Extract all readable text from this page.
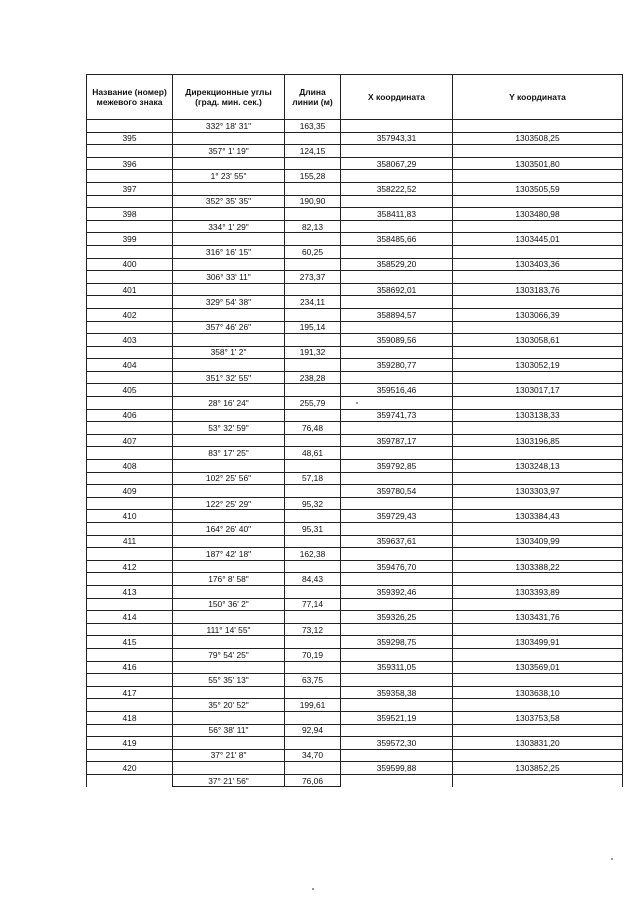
Название (номер) межевого знака	Дирекционные углы (град. мин. сек.)	Длина линии (м)	X координата	Y координата
	332° 18' 31"	163,35		
395			357943,31	1303508,25
	357° 1' 19"	124,15		
396			358067,29	1303501,80
	1° 23' 55"	155,28		
397			358222,52	1303505,59
	352° 35' 35"	190,90		
398			358411,83	1303480,98
	334° 1' 29"	82,13		
399			358485,66	1303445,01
	316° 16' 15"	60,25		
400			358529,20	1303403,36
	306° 33' 11"	273,37		
401			358692,01	1303183,76
	329° 54' 38"	234,11		
402			358894,57	1303066,39
	357° 46' 26"	195,14		
403			359089,56	1303058,61
	358° 1' 2"	191,32		
404			359280,77	1303052,19
	351° 32' 55"	238,28		
405			359516,46	1303017,17
	28° 16' 24"	255,79		
406			359741,73	1303138,33
	53° 32' 59"	76,48		
407			359787,17	1303196,85
	83° 17' 25"	48,61		
408			359792,85	1303248,13
	102° 25' 56"	57,18		
409			359780,54	1303303,97
	122° 25' 29"	95,32		
410			359729,43	1303384,43
	164° 26' 40"	95,31		
411			359637,61	1303409,99
	187° 42' 18"	162,38		
412			359476,70	1303388,22
	176° 8' 58"	84,43		
413			359392,46	1303393,89
	150° 36' 2"	77,14		
414			359326,25	1303431,76
	111° 14' 55"	73,12		
415			359298,75	1303499,91
	79° 54' 25"	70,19		
416			359311,05	1303569,01
	55° 35' 13"	63,75		
417			359358,38	1303638,10
	35° 20' 52"	199,61		
418			359521,19	1303753,58
	56° 38' 11"	92,94		
419			359572,30	1303831,20
	37° 21' 8"	34,70		
420			359599,88	1303852,25
	37° 21' 56"	76,06		
